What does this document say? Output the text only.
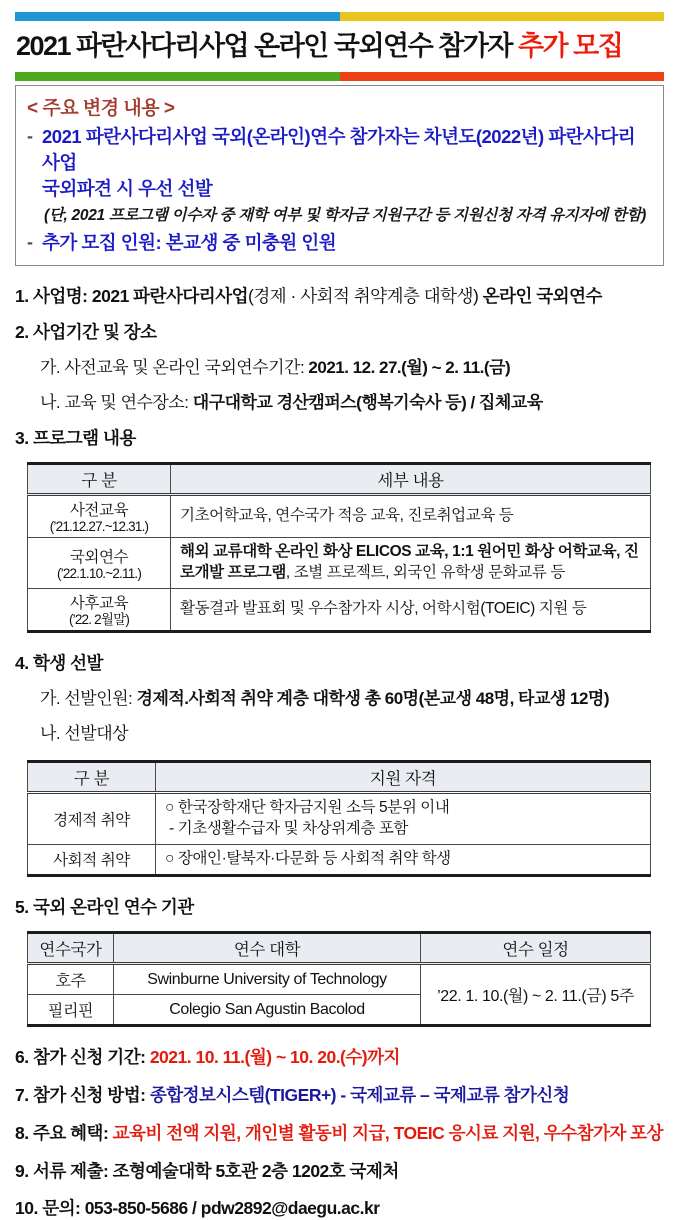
2021 파란사다리사업 온라인 국외연수 참가자 추가 모집
< 주요 변경 내용 >
- 2021 파란사다리사업 국외(온라인)연수 참가자는 차년도(2022년) 파란사다리사업
국외파견 시 우선 선발
(단, 2021 프로그램 이수자 중 재학 여부 및 학자금 지원구간 등 지원신청 자격 유지자에 한함)
- 추가 모집 인원: 본교생 중 미충원 인원
1. 사업명: 2021 파란사다리사업(경제 · 사회적 취약계층 대학생) 온라인 국외연수
2. 사업기간 및 장소
가. 사전교육 및 온라인 국외연수기간: 2021. 12. 27.(월) ~ 2. 11.(금)
나. 교육 및 연수장소: 대구대학교 경산캠퍼스(행복기숙사 등) / 집체교육
3. 프로그램 내용
구 분	세부 내용

사전교육
(’21.12.27.~12.31.)	기초어학교육, 연수국가 적응 교육, 진로취업교육 등

국외연수
(’22.1.10.~2.11.)	해외 교류대학 온라인 화상 ELICOS 교육, 1:1 원어민 화상 어학교육, 진로개발 프로그램, 조별 프로젝트, 외국인 유학생 문화교류 등

사후교육
(’22. 2월말)	활동결과 발표회 및 우수참가자 시상, 어학시험(TOEIC) 지원 등
4. 학생 선발
가. 선발인원: 경제적.사회적 취약 계층 대학생 총 60명(본교생 48명, 타교생 12명)
나. 선발대상
구 분	지원 자격
경제적 취약	○ 한국장학재단 학자금지원 소득 5분위 이내
- 기초생활수급자 및 차상위계층 포함

사회적 취약	○ 장애인·탈북자·다문화 등 사회적 취약 학생
5. 국외 온라인 연수 기관
연수국가	연수 대학	연수 일정
호주	Swinburne University of Technology	’22. 1. 10.(월) ~ 2. 11.(금) 5주
필리핀	Colegio San Agustin Bacolod	
6. 참가 신청 기간: 2021. 10. 11.(월) ~ 10. 20.(수)까지
7. 참가 신청 방법: 종합정보시스템(TIGER+) - 국제교류 – 국제교류 참가신청
8. 주요 혜택: 교육비 전액 지원, 개인별 활동비 지급, TOEIC 응시료 지원, 우수참가자 포상
9. 서류 제출: 조형예술대학 5호관 2층 1202호 국제처
10. 문의: 053-850-5686 / pdw2892@daegu.ac.kr
